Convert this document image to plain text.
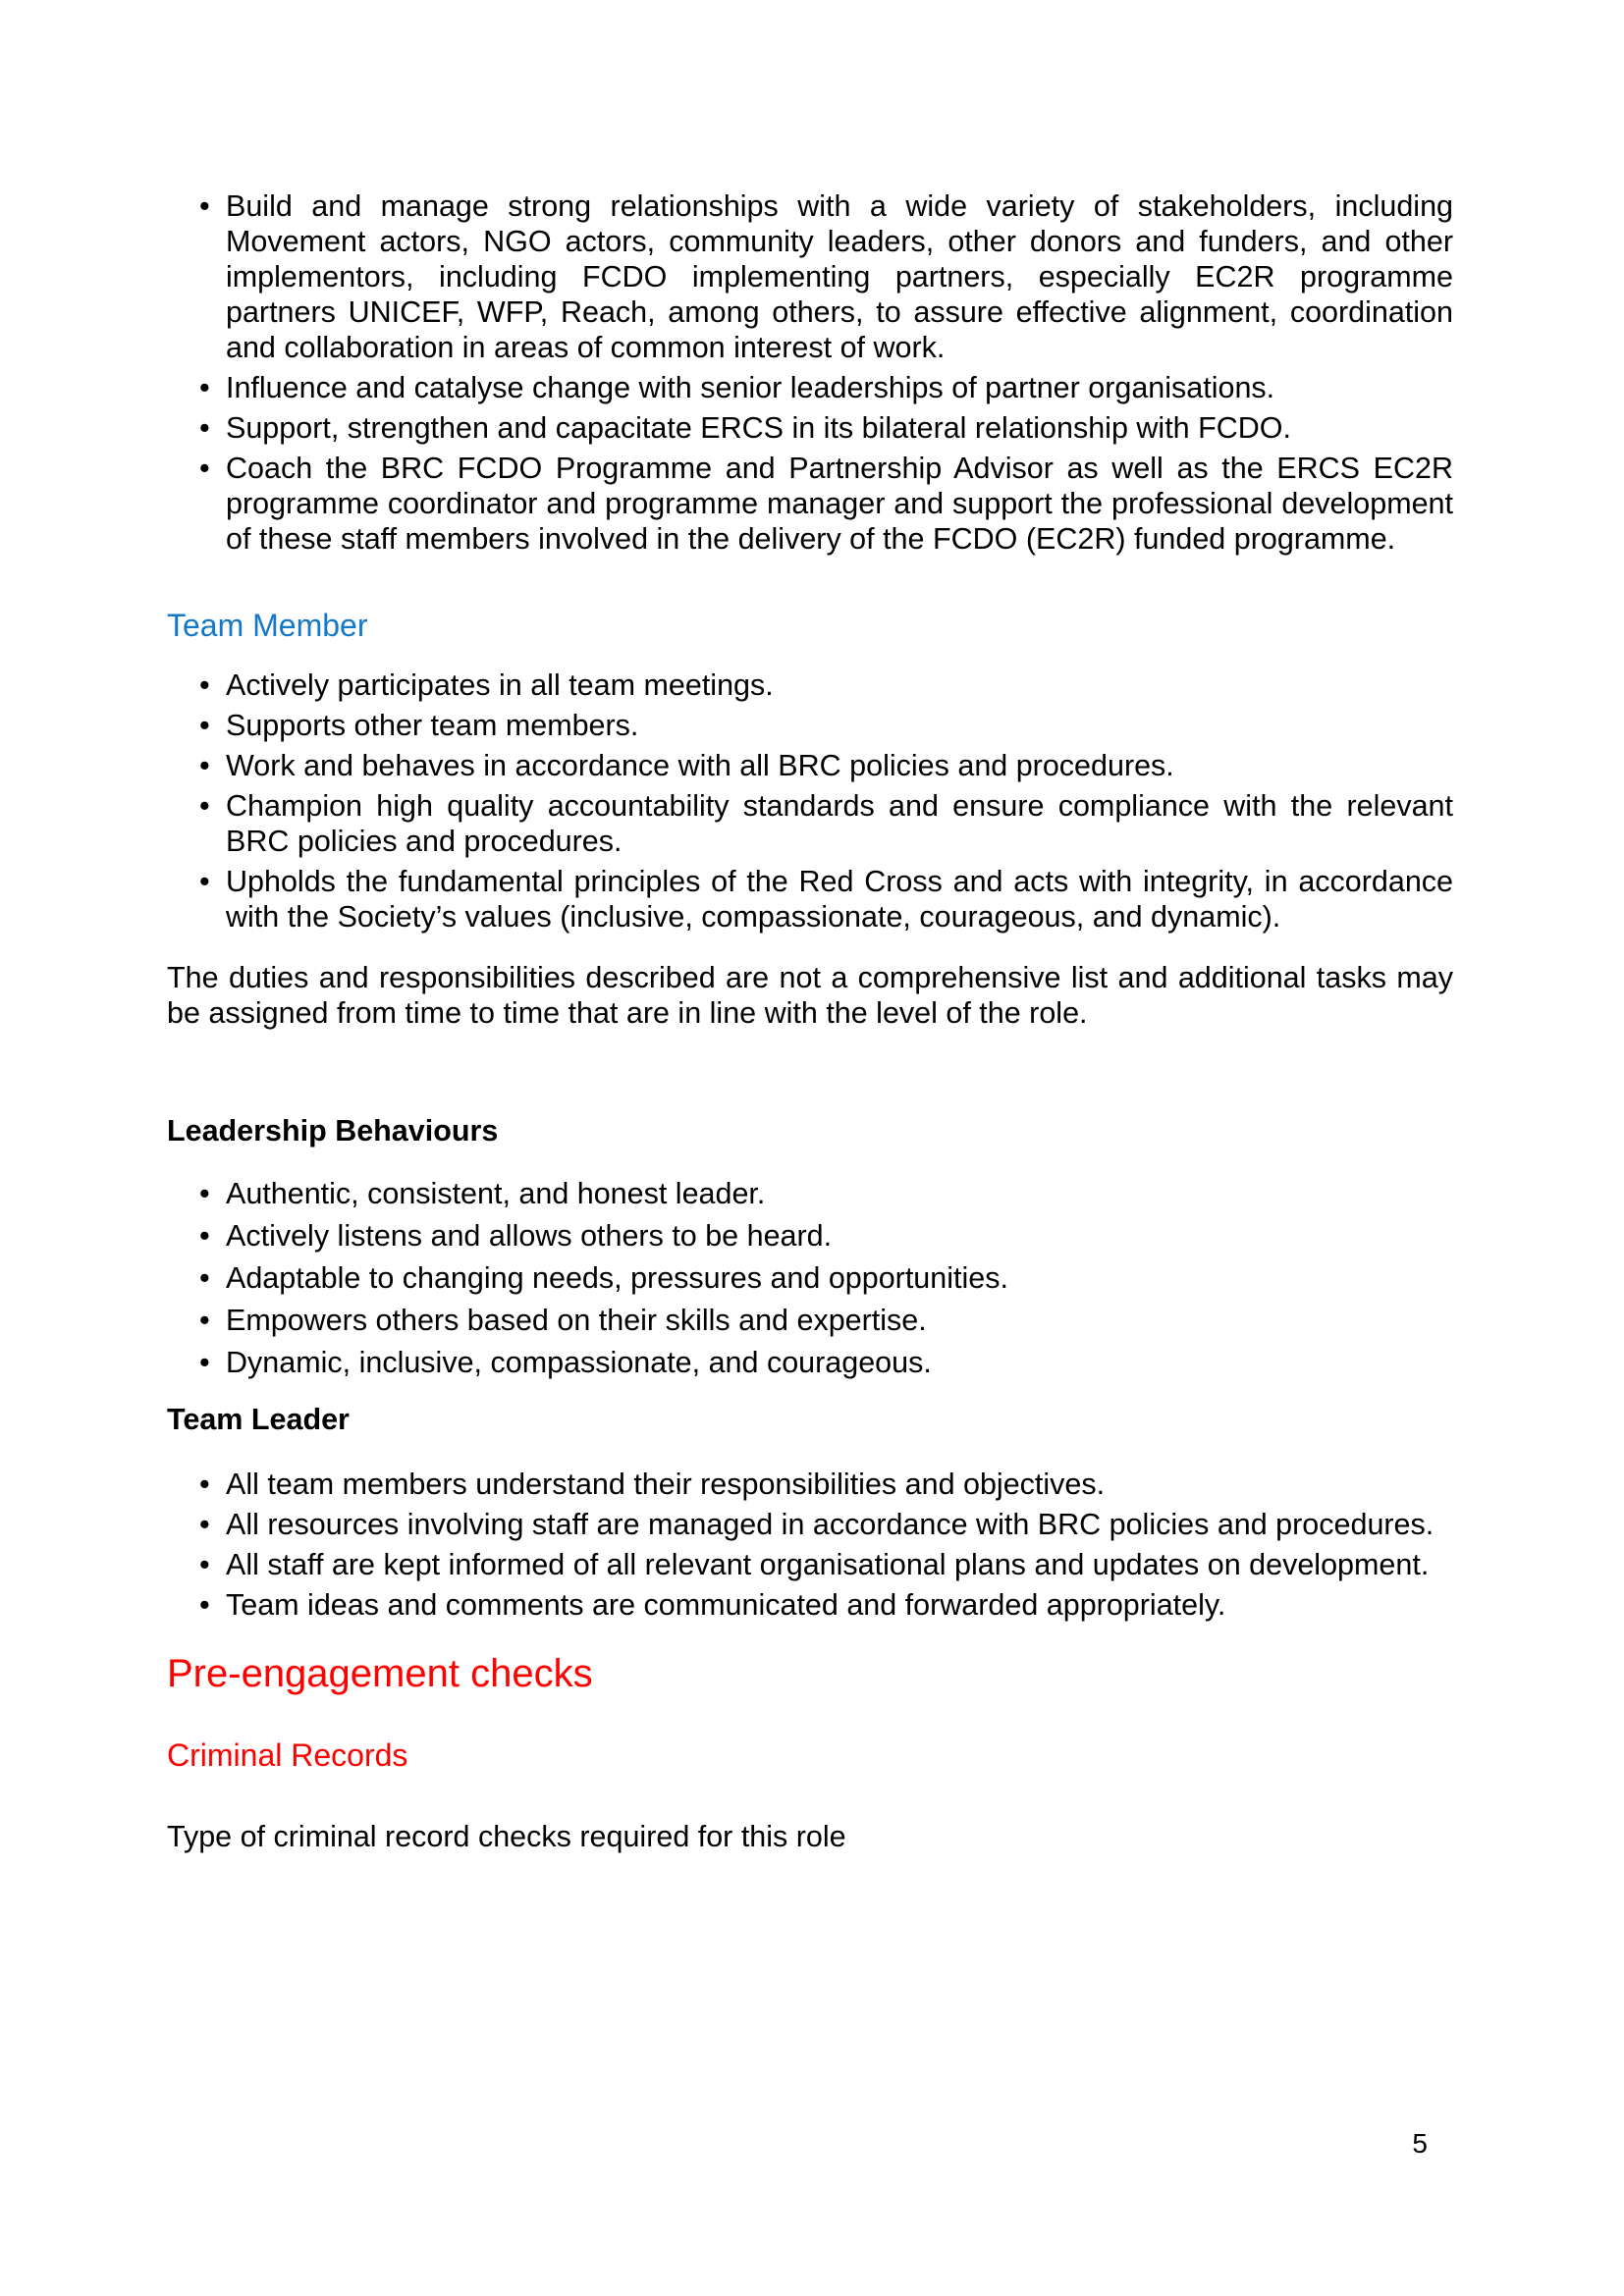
• Build and manage strong relationships with a wide variety of stakeholders, including Movement actors, NGO actors, community leaders, other donors and funders, and other implementors, including FCDO implementing partners, especially EC2R programme partners UNICEF, WFP, Reach, among others, to assure effective alignment, coordination and collaboration in areas of common interest of work.
• Influence and catalyse change with senior leaderships of partner organisations.
• Support, strengthen and capacitate ERCS in its bilateral relationship with FCDO.
• Coach the BRC FCDO Programme and Partnership Advisor as well as the ERCS EC2R programme coordinator and programme manager and support the professional development of these staff members involved in the delivery of the FCDO (EC2R) funded programme.
Team Member
• Actively participates in all team meetings.
• Supports other team members.
• Work and behaves in accordance with all BRC policies and procedures.
• Champion high quality accountability standards and ensure compliance with the relevant BRC policies and procedures.
• Upholds the fundamental principles of the Red Cross and acts with integrity, in accordance with the Society’s values (inclusive, compassionate, courageous, and dynamic).

The duties and responsibilities described are not a comprehensive list and additional tasks may be assigned from time to time that are in line with the level of the role.

Leadership Behaviours
• Authentic, consistent, and honest leader.
• Actively listens and allows others to be heard.
• Adaptable to changing needs, pressures and opportunities.
• Empowers others based on their skills and expertise.
• Dynamic, inclusive, compassionate, and courageous.
Team Leader
• All team members understand their responsibilities and objectives.
• All resources involving staff are managed in accordance with BRC policies and procedures.
• All staff are kept informed of all relevant organisational plans and updates on development.
• Team ideas and comments are communicated and forwarded appropriately.
Pre-engagement checks
Criminal Records
Type of criminal record checks required for this role
5
